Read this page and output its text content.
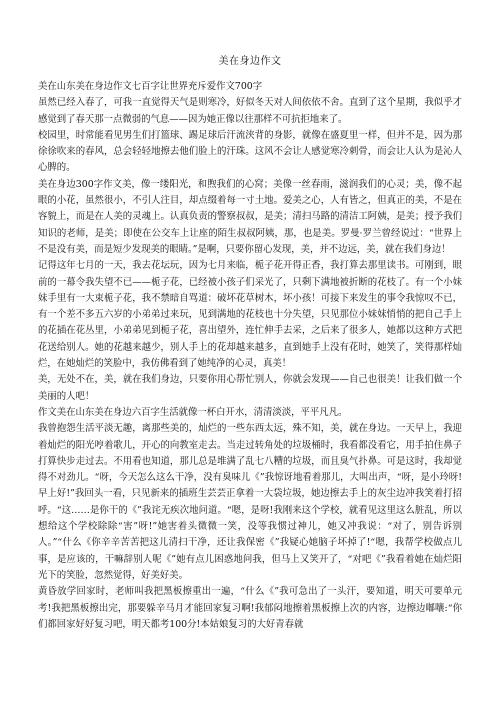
美在身边作文

美在山东美在身边作文七百字让世界充斥爱作文700字

虽然已经入春了，可我一直觉得天气是则寒冷，好似冬天对人间依依不舍。直到了这个星期，我似乎才感觉到了春天那一点微弱的气息——因为她正像以往那样不可抗拒地来了。

校园里，时常能看见男生们打篮球、踢足球后汗流浃背的身影，就像在盛夏里一样，但并不是，因为那徐徐吹来的春风，总会轻轻地擦去他们脸上的汗珠。这风不会让人感觉寒冷刺骨，而会让人认为是沁人心脾的。

美在身边300字作文美，像一缕阳光，和煦我们的心窝；美像一丝春雨，滋润我们的心灵；美，像不起眼的小花，虽然很小，不引人注目，却点缀着每一寸土地。爱美之心，人有皆之，但真正的美，不是在容貌上，而是在人美的灵魂上。认真负责的警察叔叔，是美；清扫马路的清洁工阿姨，是美；授予我们知识的老师，是美；即使在公交车上让座的陌生叔叔阿姨，那，也是美。罗曼·罗兰曾经说过：“世界上不是没有美，而是短少发现美的眼睛。”是啊，只要你留心发现，美，并不边远，美，就在我们身边！

记得这年七月的一天，我去花坛玩，因为七月来临，栀子花开得正香，我打算去那里读书。可刚到，眼前的一幕令我失望不已——栀子花，已经被小孩子们采光了，只剩下满地被折断的花枝了。有一个小妹妹手里有一大束栀子花，我不禁暗自骂道：破坏花草树木，坏小孩！可接下来发生的事令我惊叹不已，有一个差不多五六岁的小弟弟过来玩，见到满地的花枝也十分失望，只见那位小妹妹悄悄的把自己手上的花插在花丛里，小弟弟见到栀子花，喜出望外，连忙伸手去采，之后来了很多人，她都以这种方式把花送给别人。她的花越来越少，别人手上的花却越来越多，直到她手上没有花时，她笑了，笑得那样灿烂，在她灿烂的笑脸中，我仿佛看到了她纯净的心灵，真美！

美，无处不在，美，就在我们身边，只要你用心帮忙别人，你就会发现——自己也很美！让我们做一个美丽的人吧！

作文美在山东美在身边六百字生活就像一杯白开水，清清淡淡，平平凡凡。

我曾抱怨生活平淡无趣，离那些美的，灿烂的一些东西太远，殊不知，美，就在身边。一天早上，我迎着灿烂的阳光哼着歌儿，开心的向教室走去。当走过转角处的垃圾桶时，我看都没看它，用手拍住鼻子打算快步走过去。不用看也知道，那儿总是堆满了乱七八糟的垃圾，而且臭气扑鼻。可是这时，我却觉得不对劲儿。“呀，今天怎么这么干净，没有臭味儿《”我惊讶地看着那儿，大叫出声，“呀，是小玲呀!早上好!”我回头一看，只见新来的插班生芸芸正拿着一大袋垃圾，她边擦去手上的灰尘边冲我笑着打招呼。“这……是你干的《”我诧无疾次地问道。“嗯，是呀!我刚来这个学校，就看见这里这么脏乱，所以想给这个学校除除“害”呀!”她害着头微微一笑，没等我惯过神儿，她又冲我说：“对了，别告诉别人。”“什么《你辛辛苦苦把这儿清扫干净，还让我保密《”我疑心她脑子坏掉了!“嗯，我帮学校做点儿事，是应该的，干嘛辞别人呢《”她有点儿困惑地问我，但马上又笑开了，“对吧《”我看着她在灿烂阳光下的笑脸，忽然觉得，好美好美。

黄昏放学回家时，老师叫我把黑板擦重出一遍，“什么《”我可急出了一头汗，要知道，明天可要单元考!我把黑板擦出完，那要躲辛马月才能回家复习啊!我郁闷地擦着黑板擦上次的内容，边擦边嘟嚷:“你们都回家好好复习吧，明天都考100分!本姑娘复习的大好青春就
